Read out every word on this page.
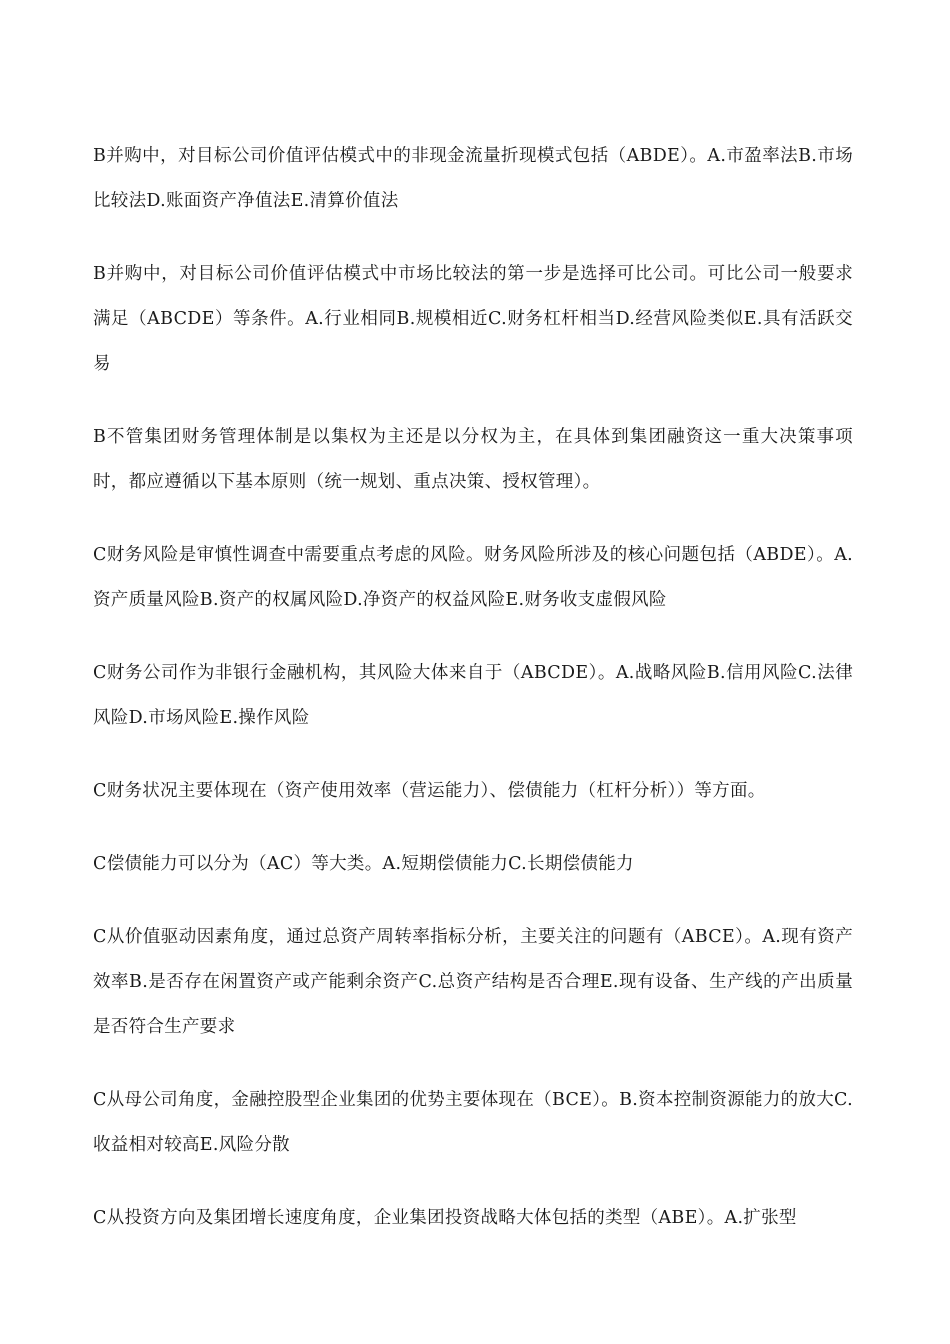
B并购中，对目标公司价值评估模式中的非现金流量折现模式包括（ABDE）。A.市盈率法B.市场比较法D.账面资产净值法E.清算价值法

B并购中，对目标公司价值评估模式中市场比较法的第一步是选择可比公司。可比公司一般要求满足（ABCDE）等条件。A.行业相同B.规模相近C.财务杠杆相当D.经营风险类似E.具有活跃交易

B不管集团财务管理体制是以集权为主还是以分权为主，在具体到集团融资这一重大决策事项时，都应遵循以下基本原则（统一规划、重点决策、授权管理）。

C财务风险是审慎性调查中需要重点考虑的风险。财务风险所涉及的核心问题包括（ABDE）。A.资产质量风险B.资产的权属风险D.净资产的权益风险E.财务收支虚假风险

C财务公司作为非银行金融机构，其风险大体来自于（ABCDE）。A.战略风险B.信用风险C.法律风险D.市场风险E.操作风险

C财务状况主要体现在（资产使用效率（营运能力）、偿债能力（杠杆分析））等方面。

C偿债能力可以分为（AC）等大类。A.短期偿债能力C.长期偿债能力

C从价值驱动因素角度，通过总资产周转率指标分析，主要关注的问题有（ABCE）。A.现有资产效率B.是否存在闲置资产或产能剩余资产C.总资产结构是否合理E.现有设备、生产线的产出质量是否符合生产要求

C从母公司角度，金融控股型企业集团的优势主要体现在（BCE）。B.资本控制资源能力的放大C.收益相对较高E.风险分散

C从投资方向及集团增长速度角度，企业集团投资战略大体包括的类型（ABE）。A.扩张型
